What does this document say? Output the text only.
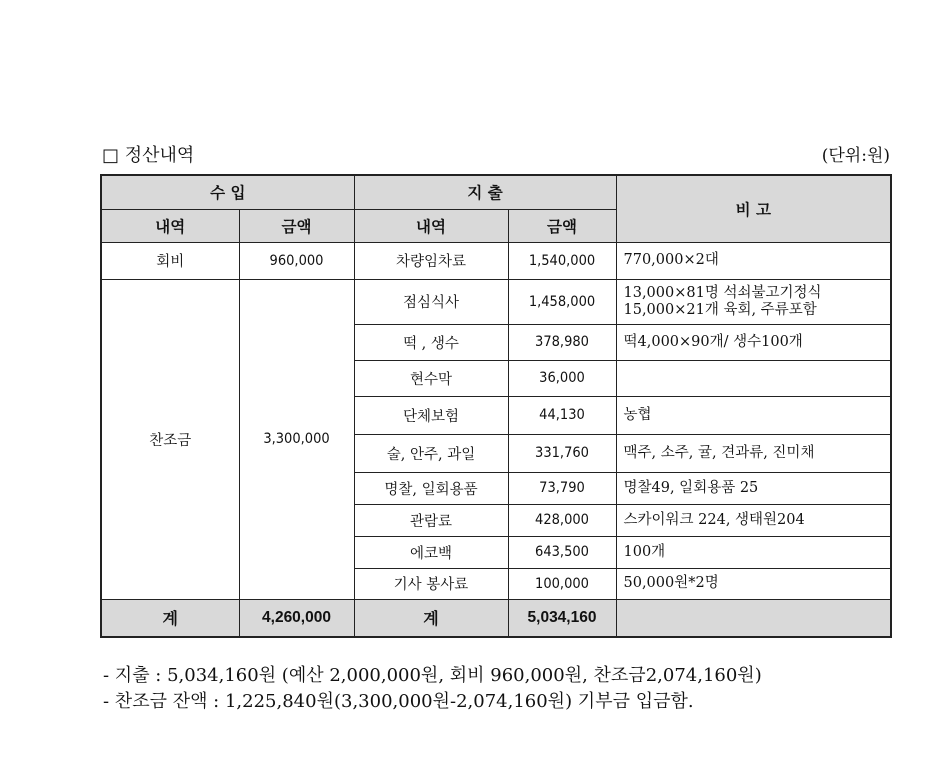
□ 정산내역	(단위:원)
수 입		지 출		비 고
내역	금액	내역	금액	
회비	960,000	차량임차료	1,540,000	770,000×2대

찬조금	3,300,000	점심식사	1,458,000	13,000×81명 석쇠불고기정식
15,000×21개 육회, 주류포함

		떡 , 생수	378,980	떡4,000×90개/ 생수100개

		현수막	36,000	

		단체보험	44,130	농협

		술, 안주, 과일	331,760	맥주, 소주, 귤, 견과류, 진미채

		명찰, 일회용품	73,790	명찰49, 일회용품 25

		관람료	428,000	스카이워크 224, 생태원204

		에코백	643,500	100개

		기사 봉사료	100,000	50,000원*2명

계	4,260,000	계	5,034,160	
- 지출 : 5,034,160원 (예산 2,000,000원, 회비 960,000원, 찬조금2,074,160원)
- 찬조금 잔액 : 1,225,840원(3,300,000원-2,074,160원) 기부금 입금함.
